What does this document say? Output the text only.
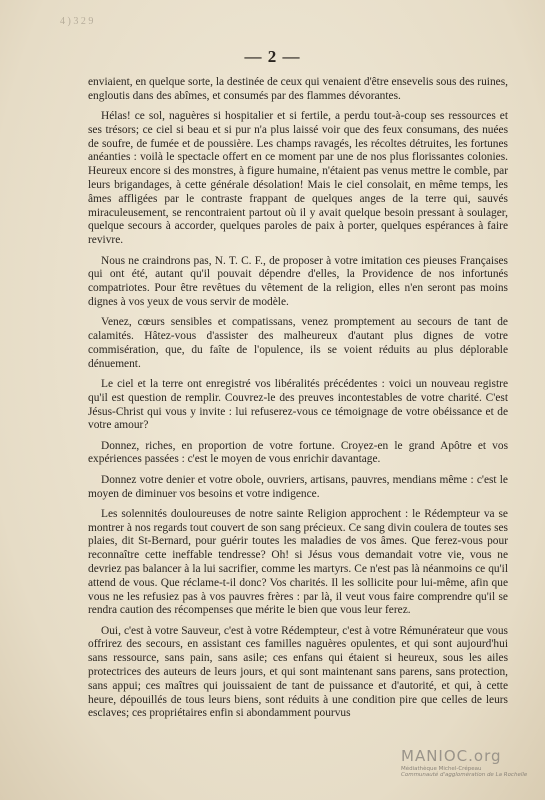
4 ) 3 2 9
— 2 —

enviaient, en quelque sorte, la destinée de ceux qui venaient d'être ensevelis sous des ruines, engloutis dans des abîmes, et consumés par des flammes dévorantes.

Hélas! ce sol, naguères si hospitalier et si fertile, a perdu tout-à-coup ses ressources et ses trésors; ce ciel si beau et si pur n'a plus laissé voir que des feux consumans, des nuées de soufre, de fumée et de poussière. Les champs ravagés, les récoltes détruites, les fortunes anéanties : voilà le spectacle offert en ce moment par une de nos plus florissantes colonies. Heureux encore si des monstres, à figure humaine, n'étaient pas venus mettre le comble, par leurs brigandages, à cette générale désolation! Mais le ciel consolait, en même temps, les âmes affligées par le contraste frappant de quelques anges de la terre qui, sauvés miraculeusement, se rencontraient partout où il y avait quelque besoin pressant à soulager, quelque secours à accorder, quelques paroles de paix à porter, quelques espérances à faire revivre.

Nous ne craindrons pas, N. T. C. F., de proposer à votre imitation ces pieuses Françaises qui ont été, autant qu'il pouvait dépendre d'elles, la Providence de nos infortunés compatriotes. Pour être revêtues du vêtement de la religion, elles n'en seront pas moins dignes à vos yeux de vous servir de modèle.

Venez, cœurs sensibles et compatissans, venez promptement au secours de tant de calamités. Hâtez-vous d'assister des malheureux d'autant plus dignes de votre commisération, que, du faîte de l'opulence, ils se voient réduits au plus déplorable dénuement.

Le ciel et la terre ont enregistré vos libéralités précédentes : voici un nouveau registre qu'il est question de remplir. Couvrez-le des preuves incontestables de votre charité. C'est Jésus-Christ qui vous y invite : lui refuserez-vous ce témoignage de votre obéissance et de votre amour?

Donnez, riches, en proportion de votre fortune. Croyez-en le grand Apôtre et vos expériences passées : c'est le moyen de vous enrichir davantage.

Donnez votre denier et votre obole, ouvriers, artisans, pauvres, mendians même : c'est le moyen de diminuer vos besoins et votre indigence.

Les solennités douloureuses de notre sainte Religion approchent : le Rédempteur va se montrer à nos regards tout couvert de son sang précieux. Ce sang divin coulera de toutes ses plaies, dit St-Bernard, pour guérir toutes les maladies de vos âmes. Que ferez-vous pour reconnaître cette ineffable tendresse? Oh! si Jésus vous demandait votre vie, vous ne devriez pas balancer à la lui sacrifier, comme les martyrs. Ce n'est pas là néanmoins ce qu'il attend de vous. Que réclame-t-il donc? Vos charités. Il les sollicite pour lui-même, afin que vous ne les refusiez pas à vos pauvres frères : par là, il veut vous faire comprendre qu'il se rendra caution des récompenses que mérite le bien que vous leur ferez.

Oui, c'est à votre Sauveur, c'est à votre Rédempteur, c'est à votre Rémunérateur que vous offrirez des secours, en assistant ces familles naguères opulentes, et qui sont aujourd'hui sans ressource, sans pain, sans asile; ces enfans qui étaient si heureux, sous les ailes protectrices des auteurs de leurs jours, et qui sont maintenant sans parens, sans protection, sans appui; ces maîtres qui jouissaient de tant de puissance et d'autorité, et qui, à cette heure, dépouillés de tous leurs biens, sont réduits à une condition pire que celles de leurs esclaves; ces propriétaires enfin si abondamment pourvus

MANIOC.org
Médiathèque Michel-Crépeau
Communauté d'agglomération de La Rochelle
